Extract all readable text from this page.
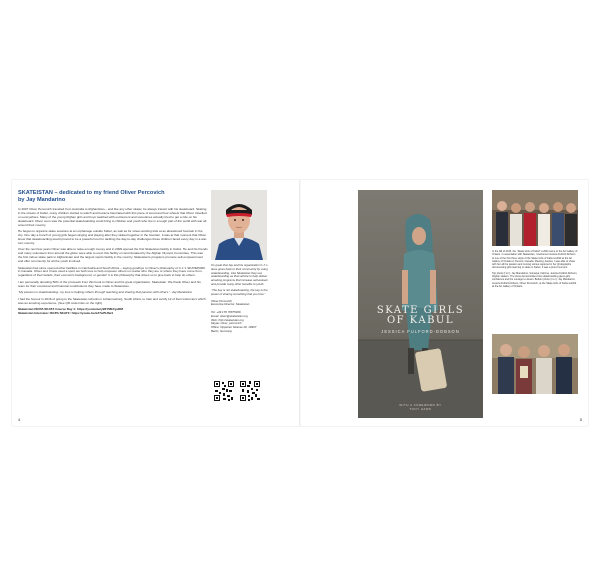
SKATEISTAN – dedicated to my friend Oliver Percovich
by Jay Mandarino

In 2007 Oliver Percovich travelled from Australia to Afghanistan – and like any other skater, he always travels with his skateboard. Skating in the streets of Kabul, many children started to watch and became fascinated with this piece of wood and four wheels that Oliver travelled on everywhere. Many of the young Afghan girls and boys watched with excitement and sometimes actually tried to get a ride on his skateboard. Oliver soon saw the potential skateboarding could bring to children and youth who live in a tough part of the world with war all around their country.

He began to organize skate sessions at an orphanage outside Kabul, as well as for street-working kids at an abandoned fountain in the city. One day a bunch of young girls began singing and playing after they skated together in the fountain. It was at that moment that Oliver knew that skateboarding would proved to be a powerful tool for tackling the day-to-day challenges these children faced every day in a war-torn country.

Over the next few years Oliver was able to raise enough money and in 2009 opened the first Skateistan facility in Kabul. He and his friends and many volunteers from around the globe were able to erect this facility on land donated by the Afghan Olympic Committee. This was the first indoor skate park in Afghanistan and the largest sports facility in the country. Skateistan's programs promote self-empowerment and offer community for all the youth involved.

Skateistan has since opened other facilities in Cambodia and South Africa – saying goodbye to Oliver's philosophy of C.J.'s SKATEPARK in Canada. Oliver and I have used a sport we both love to help empower others no matter who they are or where they have come from, regardless of their beliefs, their economic background, or gender! It is this philosophy that drives us to give back to help do others.

I am personally donating 50% of the proceeds from this book to Oliver and his great organization, Skateistan. We thank Oliver and his team for their emotional and financial contributions they have made to Skateistan.

“My passion is skateboarding; my love is helping others through teaching and sharing that passion with others.”, Jay Mandarino

I had the honour in 2016 of going to the Skateistan schools in Johannesburg, South Africa, to train and certify 12 of their instructors which was an amazing experience. (See QR code links on the right)

Skateistan ISCPA SKATZ Course Day 1: https://youtu.be/yWr7Mk7gsRM

Skateistan Interview: ISCPA SKATZ: https://youtu.be/xZ7wf5Jfw4

It's great that Jay and his organization C.J.'s does gives back to their community by using skateboarding. Like Skateistan they use skateboarding as that vehicle to help deliver amazing programs that increase self-esteem and provide many other benefits to youth.

“The key is not skateboarding, the key is the power of sharing something that you love.”

Oliver Percovich

Executive Director, Skateistan

Tel: +49 176 70875406

Email: oliver@skateistan.org

Web: http://skateistan.org

Skype: oliver_percovich

Office: Oppelner Strasse 29, 10997

Berlin, Germany

4
SKATE GIRLS
OF KABUL
JESSICA FULFORD-DOBSON
WITH A FOREWORD BY
TONY HAWK

In the fall of 2015, the “Skate Girls of Kabul” exhibit came to the Art Gallery of Ontario. In association with Skateistan, I welcomed Jessica Fulford-Dobson to one of the first three stops of the Skate Girls of Kabul exhibit at the Art Gallery of Ontario in Toronto, Canada. Meeting Jessica, I was able to share with her all the passion and moving stories captured in her photographs documenting girls learning to skate in Kabul. It was a proud moment.

Top photo (l to r): Jay Mandarino, Sumaiya, Fahima, Jessica Fulford-Dobson, Afghan skaters. The show demonstrates how skateboarding gives girls confidence and the courage to dream. Bottom photo (l to r): Jay Mandarino, Jessica Fulford-Dobson, Oliver Percovich, at the Skate Girls of Kabul exhibit at the Art Gallery of Ontario.

5
